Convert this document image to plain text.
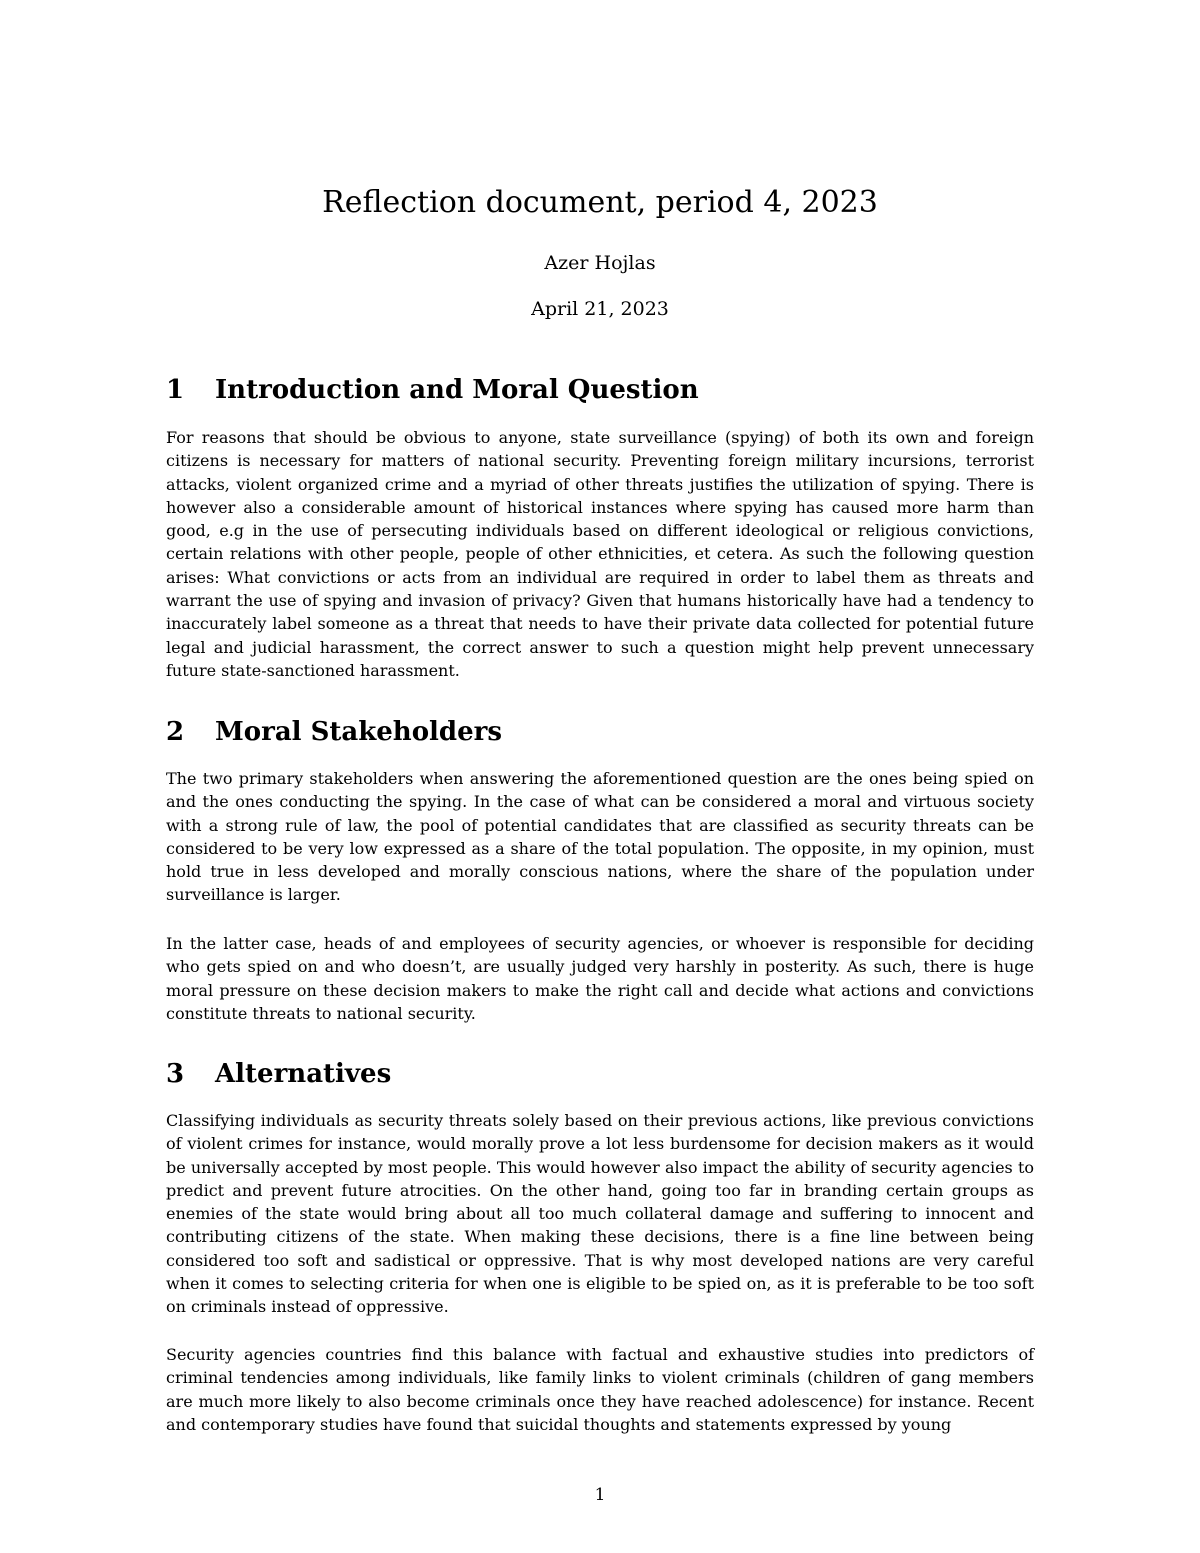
Reflection document, period 4, 2023
Azer Hojlas
April 21, 2023
1 Introduction and Moral Question

For reasons that should be obvious to anyone, state surveillance (spying) of both its own and foreign citizens is necessary for matters of national security. Preventing foreign military incursions, terrorist attacks, violent organized crime and a myriad of other threats justifies the utilization of spying. There is however also a considerable amount of historical instances where spying has caused more harm than good, e.g in the use of persecuting individuals based on different ideological or religious convictions, certain relations with other people, people of other ethnicities, et cetera. As such the following question arises: What convictions or acts from an individual are required in order to label them as threats and warrant the use of spying and invasion of privacy? Given that humans historically have had a tendency to inaccurately label someone as a threat that needs to have their private data collected for potential future legal and judicial harassment, the correct answer to such a question might help prevent unnecessary future state-sanctioned harassment.

2 Moral Stakeholders

The two primary stakeholders when answering the aforementioned question are the ones being spied on and the ones conducting the spying. In the case of what can be considered a moral and virtuous society with a strong rule of law, the pool of potential candidates that are classified as security threats can be considered to be very low expressed as a share of the total population. The opposite, in my opinion, must hold true in less developed and morally conscious nations, where the share of the population under surveillance is larger.

In the latter case, heads of and employees of security agencies, or whoever is responsible for deciding who gets spied on and who doesn’t, are usually judged very harshly in posterity. As such, there is huge moral pressure on these decision makers to make the right call and decide what actions and convictions constitute threats to national security.

3 Alternatives

Classifying individuals as security threats solely based on their previous actions, like previous convictions of violent crimes for instance, would morally prove a lot less burdensome for decision makers as it would be universally accepted by most people. This would however also impact the ability of security agencies to predict and prevent future atrocities. On the other hand, going too far in branding certain groups as enemies of the state would bring about all too much collateral damage and suffering to innocent and contributing citizens of the state. When making these decisions, there is a fine line between being considered too soft and sadistical or oppressive. That is why most developed nations are very careful when it comes to selecting criteria for when one is eligible to be spied on, as it is preferable to be too soft on criminals instead of oppressive.

Security agencies countries find this balance with factual and exhaustive studies into predictors of criminal tendencies among individuals, like family links to violent criminals (children of gang members are much more likely to also become criminals once they have reached adolescence) for instance. Recent and contemporary studies have found that suicidal thoughts and statements expressed by young

1
